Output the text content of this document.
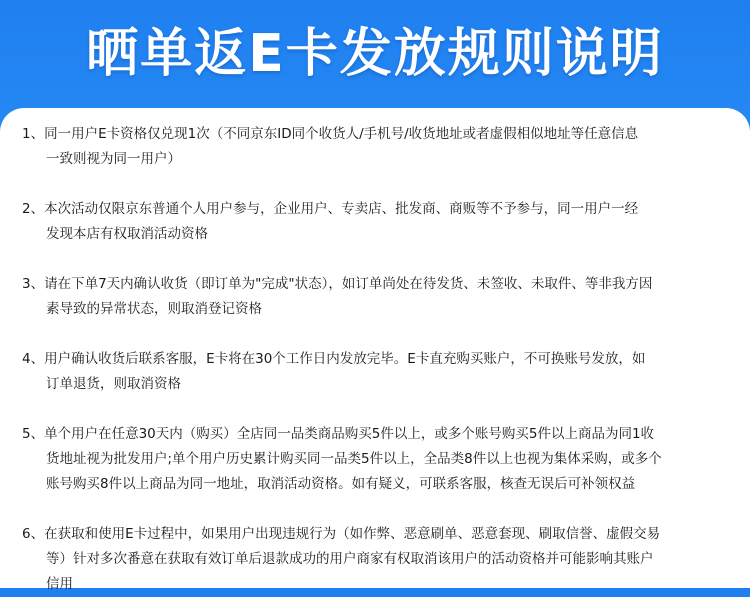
晒单返E卡发放规则说明
1、同一用户E卡资格仅兑现1次（不同京东ID同个收货人/手机号/收货地址或者虚假相似地址等任意信息
一致则视为同一用户）
2、本次活动仅限京东普通个人用户参与，企业用户、专卖店、批发商、商贩等不予参与，同一用户一经
发现本店有权取消活动资格
3、请在下单7天内确认收货（即订单为"完成"状态），如订单尚处在待发货、未签收、未取件、等非我方因
素导致的异常状态，则取消登记资格
4、用户确认收货后联系客服，E卡将在30个工作日内发放完毕。E卡直充购买账户，不可换账号发放，如
订单退货，则取消资格
5、单个用户在任意30天内（购买）全店同一品类商品购买5件以上，或多个账号购买5件以上商品为同1收
货地址视为批发用户;单个用户历史累计购买同一品类5件以上，全品类8件以上也视为集体采购，或多个
账号购买8件以上商品为同一地址，取消活动资格。如有疑义，可联系客服，核查无误后可补领权益
6、在获取和使用E卡过程中，如果用户出现违规行为（如作弊、恶意刷单、恶意套现、刷取信誉、虚假交易
等）针对多次番意在获取有效订单后退款成功的用户商家有权取消该用户的活动资格并可能影响其账户
信用
